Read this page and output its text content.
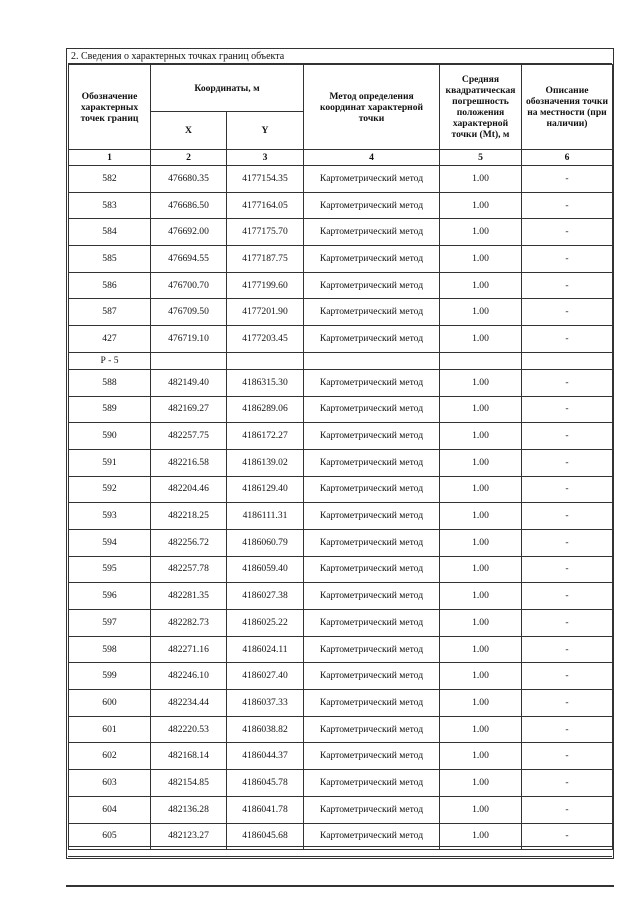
2. Сведения о характерных точках границ объекта
Обозначение характерных точек границ	Координаты, м		Метод определения координат характерной точки	Средняя квадратическая погрешность положения характерной точки (Mt), м	Описание обозначения точки на местности (при наличии)
	X	Y			
1	2	3	4	5	6
582	476680.35	4177154.35	Картометрический метод	1.00	-
583	476686.50	4177164.05	Картометрический метод	1.00	-
584	476692.00	4177175.70	Картометрический метод	1.00	-
585	476694.55	4177187.75	Картометрический метод	1.00	-
586	476700.70	4177199.60	Картометрический метод	1.00	-
587	476709.50	4177201.90	Картометрический метод	1.00	-
427	476719.10	4177203.45	Картометрический метод	1.00	-
Р - 5					
588	482149.40	4186315.30	Картометрический метод	1.00	-
589	482169.27	4186289.06	Картометрический метод	1.00	-
590	482257.75	4186172.27	Картометрический метод	1.00	-
591	482216.58	4186139.02	Картометрический метод	1.00	-
592	482204.46	4186129.40	Картометрический метод	1.00	-
593	482218.25	4186111.31	Картометрический метод	1.00	-
594	482256.72	4186060.79	Картометрический метод	1.00	-
595	482257.78	4186059.40	Картометрический метод	1.00	-
596	482281.35	4186027.38	Картометрический метод	1.00	-
597	482282.73	4186025.22	Картометрический метод	1.00	-
598	482271.16	4186024.11	Картометрический метод	1.00	-
599	482246.10	4186027.40	Картометрический метод	1.00	-
600	482234.44	4186037.33	Картометрический метод	1.00	-
601	482220.53	4186038.82	Картометрический метод	1.00	-
602	482168.14	4186044.37	Картометрический метод	1.00	-
603	482154.85	4186045.78	Картометрический метод	1.00	-
604	482136.28	4186041.78	Картометрический метод	1.00	-
605	482123.27	4186045.68	Картометрический метод	1.00	-
